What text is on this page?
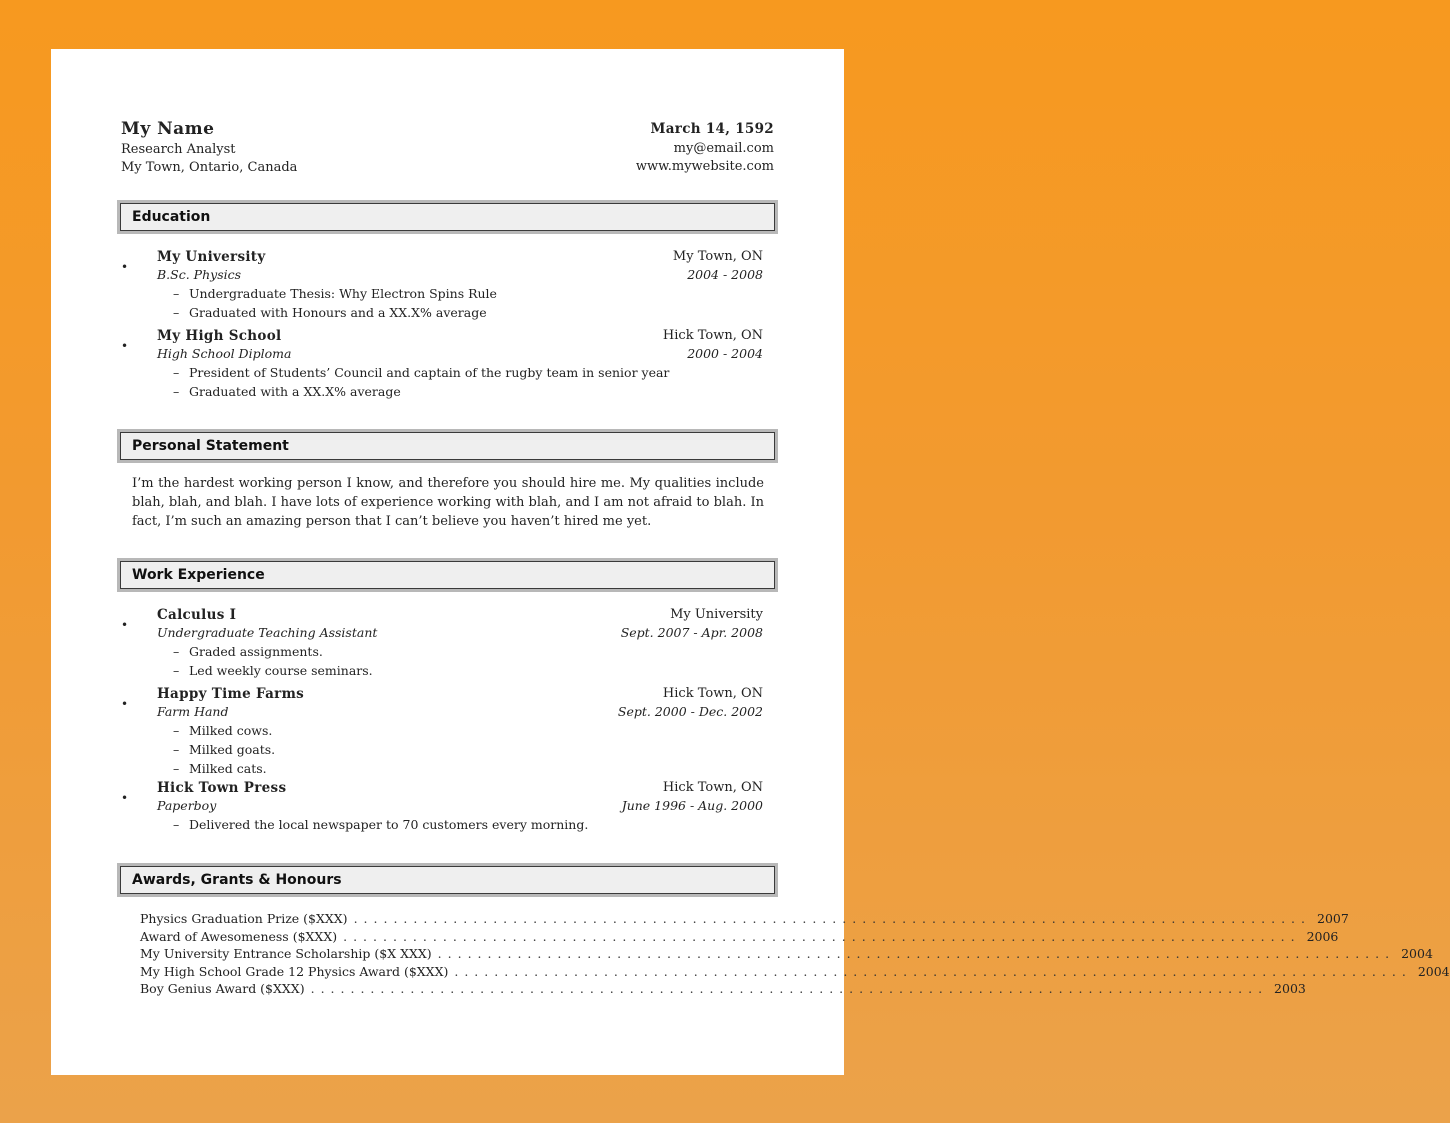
My Name
Research Analyst
My Town, Ontario, Canada
March 14, 1592
my@email.com
www.mywebsite.com
Education
•
My University	My Town, ON
B.Sc. Physics	2004 - 2008
– Undergraduate Thesis: Why Electron Spins Rule
– Graduated with Honours and a XX.X% average
•
My High School	Hick Town, ON
High School Diploma	2000 - 2004
– President of Students’ Council and captain of the rugby team in senior year
– Graduated with a XX.X% average
Personal Statement
I’m the hardest working person I know, and therefore you should hire me. My qualities include blah, blah, and blah. I have lots of experience working with blah, and I am not afraid to blah. In fact, I’m such an amazing person that I can’t believe you haven’t hired me yet.
Work Experience
•
Calculus I	My University
Undergraduate Teaching Assistant	Sept. 2007 - Apr. 2008
– Graded assignments.
– Led weekly course seminars.
•
Happy Time Farms	Hick Town, ON
Farm Hand	Sept. 2000 - Dec. 2002
– Milked cows.
– Milked goats.
– Milked cats.
•
Hick Town Press	Hick Town, ON
Paperboy	June 1996 - Aug. 2000
– Delivered the local newspaper to 70 customers every morning.
Awards, Grants & Honours
Physics Graduation Prize ($XXX) ................................................................................................ 2007
Award of Awesomeness ($XXX) ................................................................................................ 2006
My University Entrance Scholarship ($X XXX) ................................................................................................ 2004
My High School Grade 12 Physics Award ($XXX) ................................................................................................ 2004
Boy Genius Award ($XXX) ................................................................................................ 2003
